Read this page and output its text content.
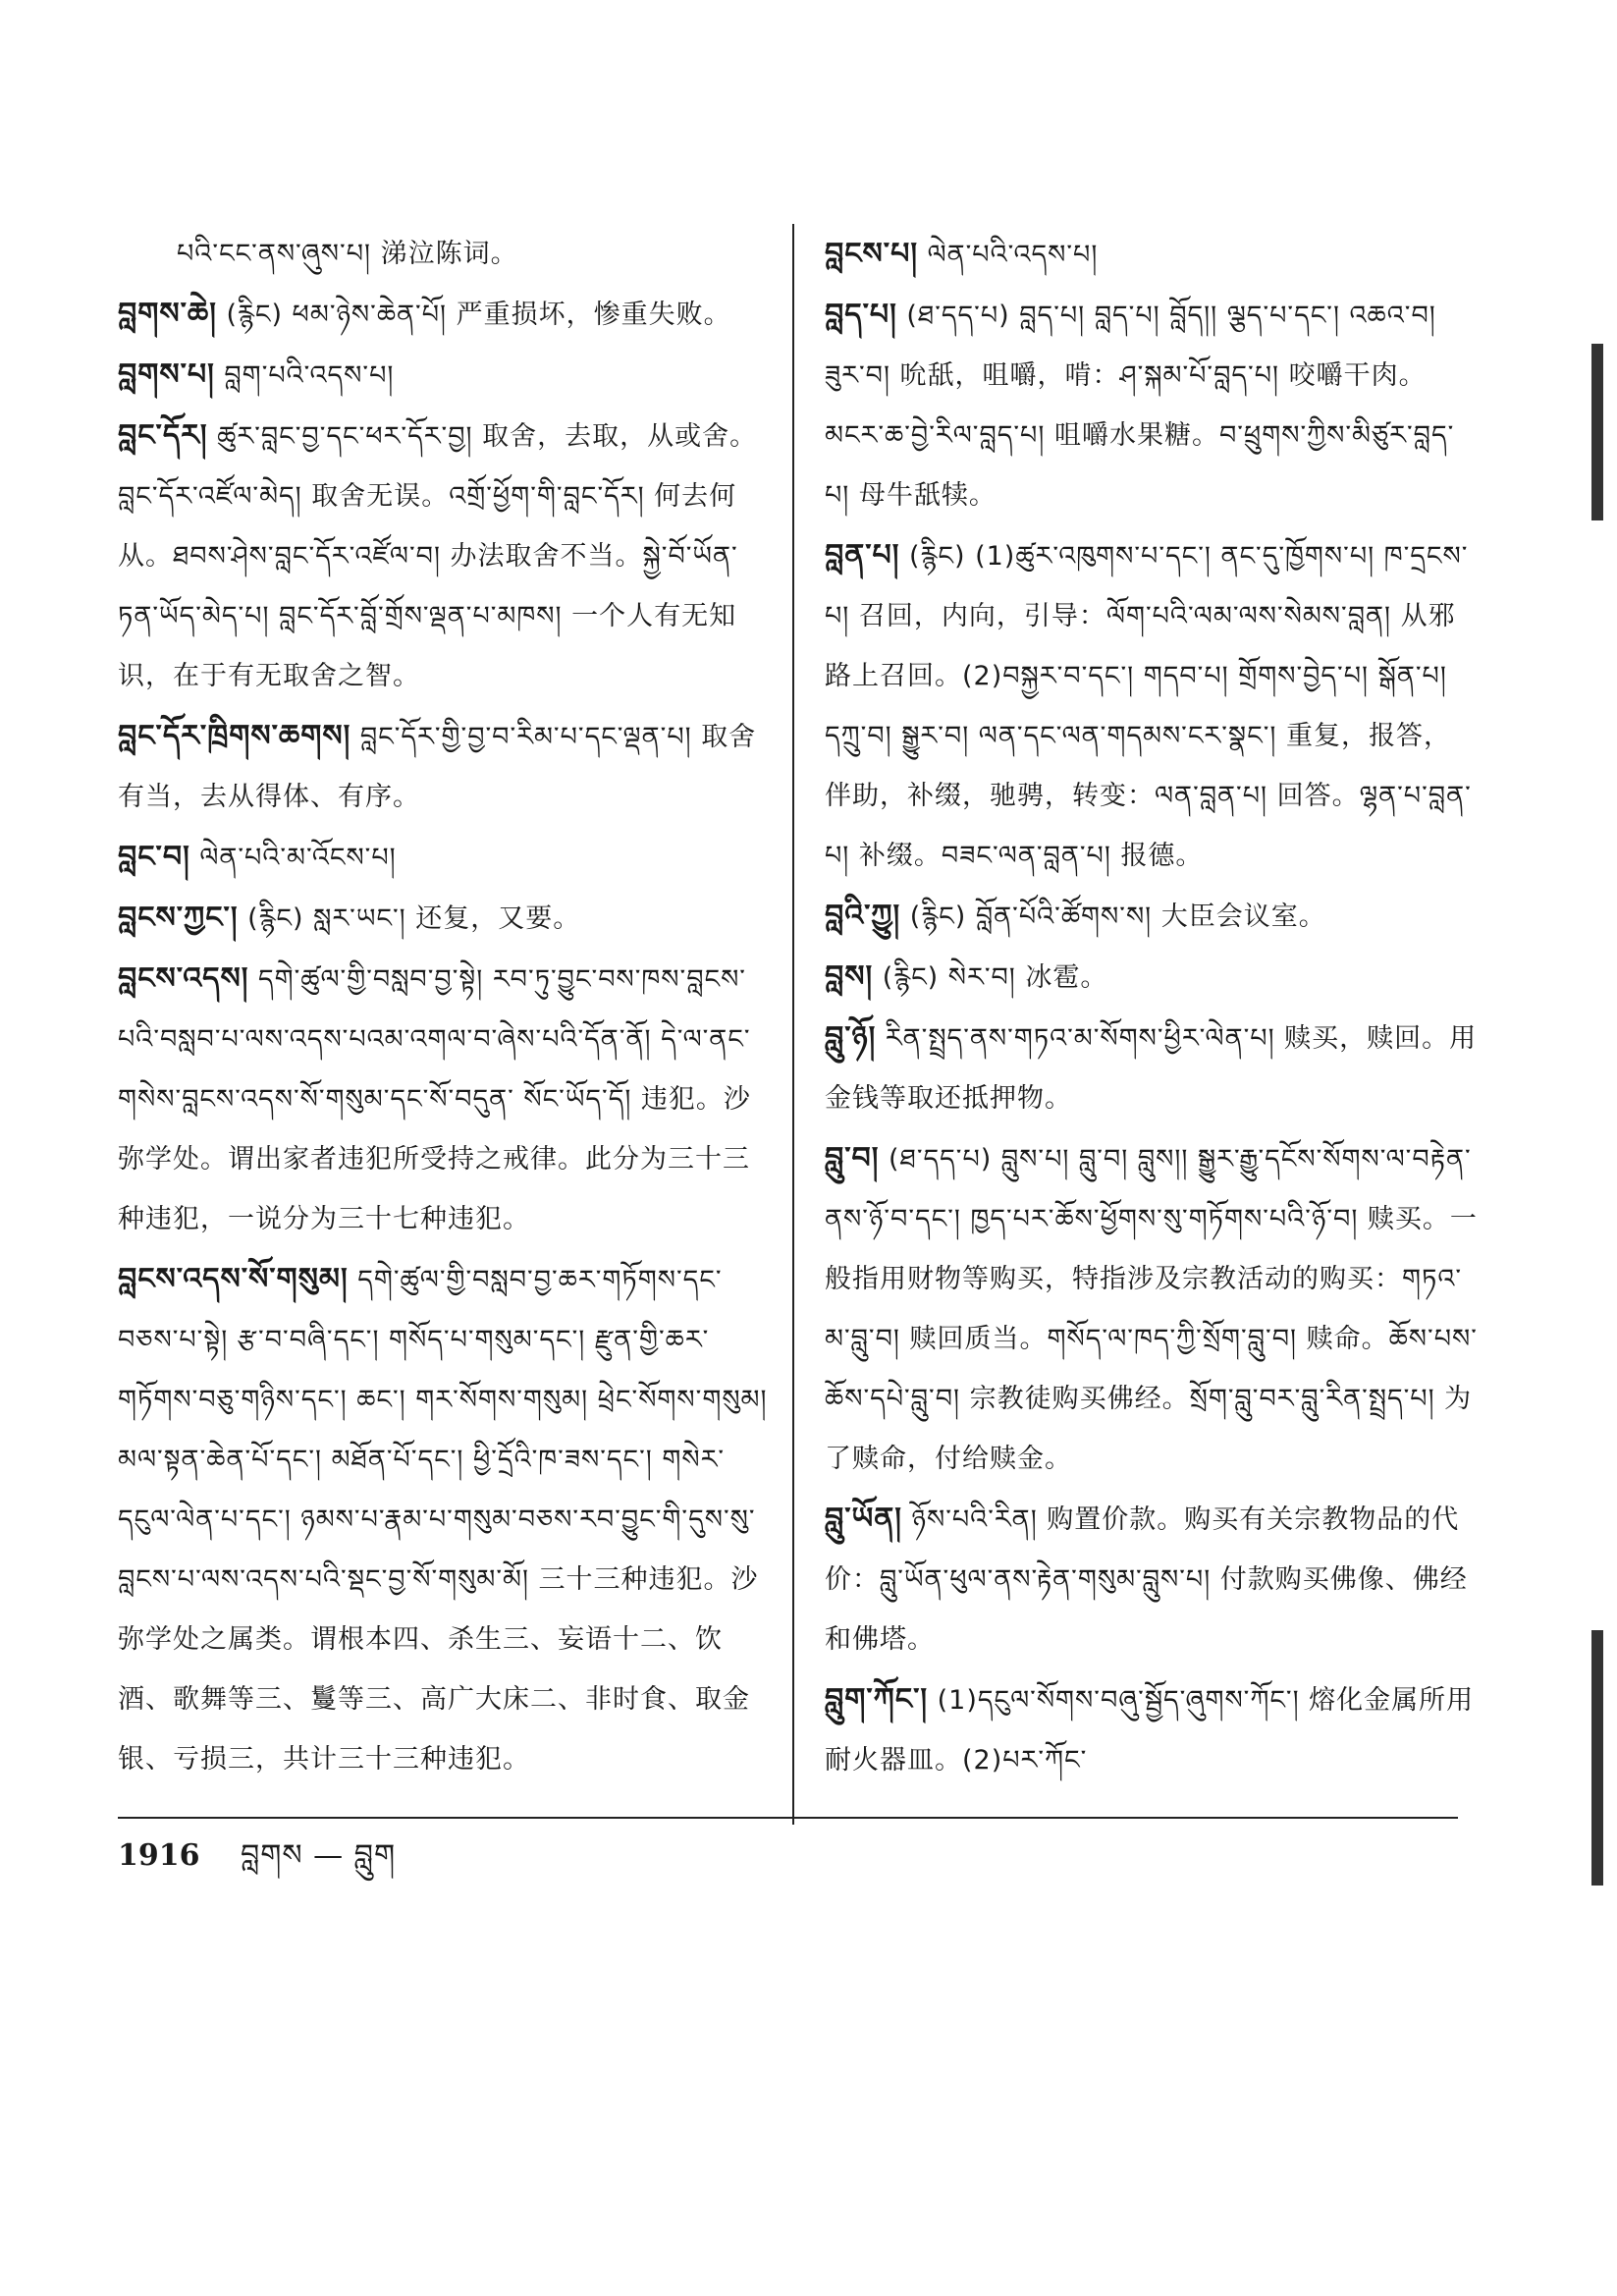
པའི་ངང་ནས་ཞུས་པ། 涕泣陈词。

བླགས་ཆེ། (རྙིང) ཕམ་ཉེས་ཆེན་པོ། 严重损坏，惨重失败。

བླགས་པ། བླག་པའི་འདས་པ།

བླང་དོར། ཚུར་བླང་བྱ་དང་ཕར་དོར་བྱ། 取舍，去取，从或舍。བླང་དོར་འཛོལ་མེད། 取舍无误。འགྲོ་ཕྱོག་གི་བླང་དོར། 何去何从。ཐབས་ཤེས་བླང་དོར་འཛོལ་བ། 办法取舍不当。སྐྱེ་བོ་ཡོན་ཏན་ཡོད་མེད་པ། བླང་དོར་བློ་གྲོས་ལྡན་པ་མཁས། 一个人有无知识，在于有无取舍之智。

བླང་དོར་ཁྲིགས་ཆགས། བླང་དོར་གྱི་བྱ་བ་རིམ་པ་དང་ལྡན་པ། 取舍有当，去从得体、有序。

བླང་བ། ལེན་པའི་མ་འོངས་པ།

བླངས་ཀྱང་། (རྙིང) སླར་ཡང་། 还复，又要。

བླངས་འདས། དགེ་ཚུལ་གྱི་བསླབ་བྱ་སྟེ། རབ་ཏུ་བྱུང་བས་ཁས་བླངས་པའི་བསླབ་པ་ལས་འདས་པའམ་འགལ་བ་ཞེས་པའི་དོན་ནོ། དེ་ལ་ནང་གསེས་བླངས་འདས་སོ་གསུམ་དང་སོ་བདུན་ སོང་ཡོད་དོ། 违犯。沙弥学处。谓出家者违犯所受持之戒律。此分为三十三种违犯，一说分为三十七种违犯。

བླངས་འདས་སོ་གསུམ། དགེ་ཚུལ་གྱི་བསླབ་བྱ་ཆར་གཏོགས་དང་བཅས་པ་སྟེ། རྩ་བ་བཞི་དང་། གསོད་པ་གསུམ་དང་། རྫུན་གྱི་ཆར་གཏོགས་བཅུ་གཉིས་དང་། ཆང་། གར་སོགས་གསུམ། ཕྲེང་སོགས་གསུམ། མལ་སྟན་ཆེན་པོ་དང་། མཐོན་པོ་དང་། ཕྱི་དྲོའི་ཁ་ཟས་དང་། གསེར་དངུལ་ལེན་པ་དང་། ཉམས་པ་རྣམ་པ་གསུམ་བཅས་རབ་བྱུང་གི་དུས་སུ་བླངས་པ་ལས་འདས་པའི་སྡང་བྱ་སོ་གསུམ་མོ། 三十三种违犯。沙弥学处之属类。谓根本四、杀生三、妄语十二、饮酒、歌舞等三、鬘等三、高广大床二、非时食、取金银、亏损三，共计三十三种违犯。

བླངས་པ། ལེན་པའི་འདས་པ།

བླད་པ། (ཐ་དད་པ) བླད་པ། བླད་པ། བློད།། ལྕད་པ་དང་། འཆའ་བ། ཟུར་བ། 吮舐，咀嚼，啃：ཤ་སྐམ་པོ་བླད་པ། 咬嚼干肉。མངར་ཆ་བྱེ་རིལ་བླད་པ། 咀嚼水果糖。བ་ཕྲུགས་ཀྱིས་མིཙུར་བླད་པ། 母牛舐犊。

བླན་པ། (རྙིང) (1)ཚུར་འཁུགས་པ་དང་། ནང་དུ་ཁྱོགས་པ། ཁ་དྲངས་པ། 召回，内向，引导：ལོག་པའི་ལམ་ལས་སེམས་བླན། 从邪路上召回。(2)བསྐྱར་བ་དང་། གདབ་པ། གྲོགས་བྱེད་པ། སྒོན་པ། དཀྲུ་བ། སྒྱུར་བ། ལན་དང་ལན་གདམས་ངར་སྣང་། 重复，报答，伴助，补缀，驰骋，转变：ལན་བླན་པ། 回答。ལྷན་པ་བླན་པ། 补缀。བཟང་ལན་བླན་པ། 报德。

བླའི་ཀྱུ། (རྙིང) བློན་པོའི་ཚོགས་ས། 大臣会议室。

བླས། (རྙིང) སེར་བ། 冰雹。

བླུ་ཉོ། རིན་སྤྲད་ནས་གཏའ་མ་སོགས་ཕྱིར་ལེན་པ། 赎买，赎回。用金钱等取还抵押物。

བླུ་བ། (ཐ་དད་པ) བླུས་པ། བླུ་བ། བླུས།། སྒྱུར་རྒྱུ་དངོས་སོགས་ལ་བརྟེན་ནས་ཉོ་བ་དང་། ཁྱད་པར་ཆོས་ཕྱོགས་སུ་གཏོགས་པའི་ཉོ་བ། 赎买。一般指用财物等购买，特指涉及宗教活动的购买：གཏའ་མ་བླུ་བ། 赎回质当。གསོད་ལ་ཁད་ཀྱི་སྲོག་བླུ་བ། 赎命。ཆོས་པས་ཆོས་དཔེ་བླུ་བ། 宗教徒购买佛经。སྲོག་བླུ་བར་བླུ་རིན་སྤྲད་པ། 为了赎命，付给赎金。

བླུ་ཡོན། ཉོས་པའི་རིན། 购置价款。购买有关宗教物品的代价：བླུ་ཡོན་ཕུལ་ནས་རྟེན་གསུམ་བླུས་པ། 付款购买佛像、佛经和佛塔。

བླུག་ཀོང་། (1)དངུལ་སོགས་བཞུ་སྦྱོད་ཞུགས་ཀོང་། 熔化金属所用耐火器皿。(2)པར་ཀོང་

1916 བླགས — བླུག
